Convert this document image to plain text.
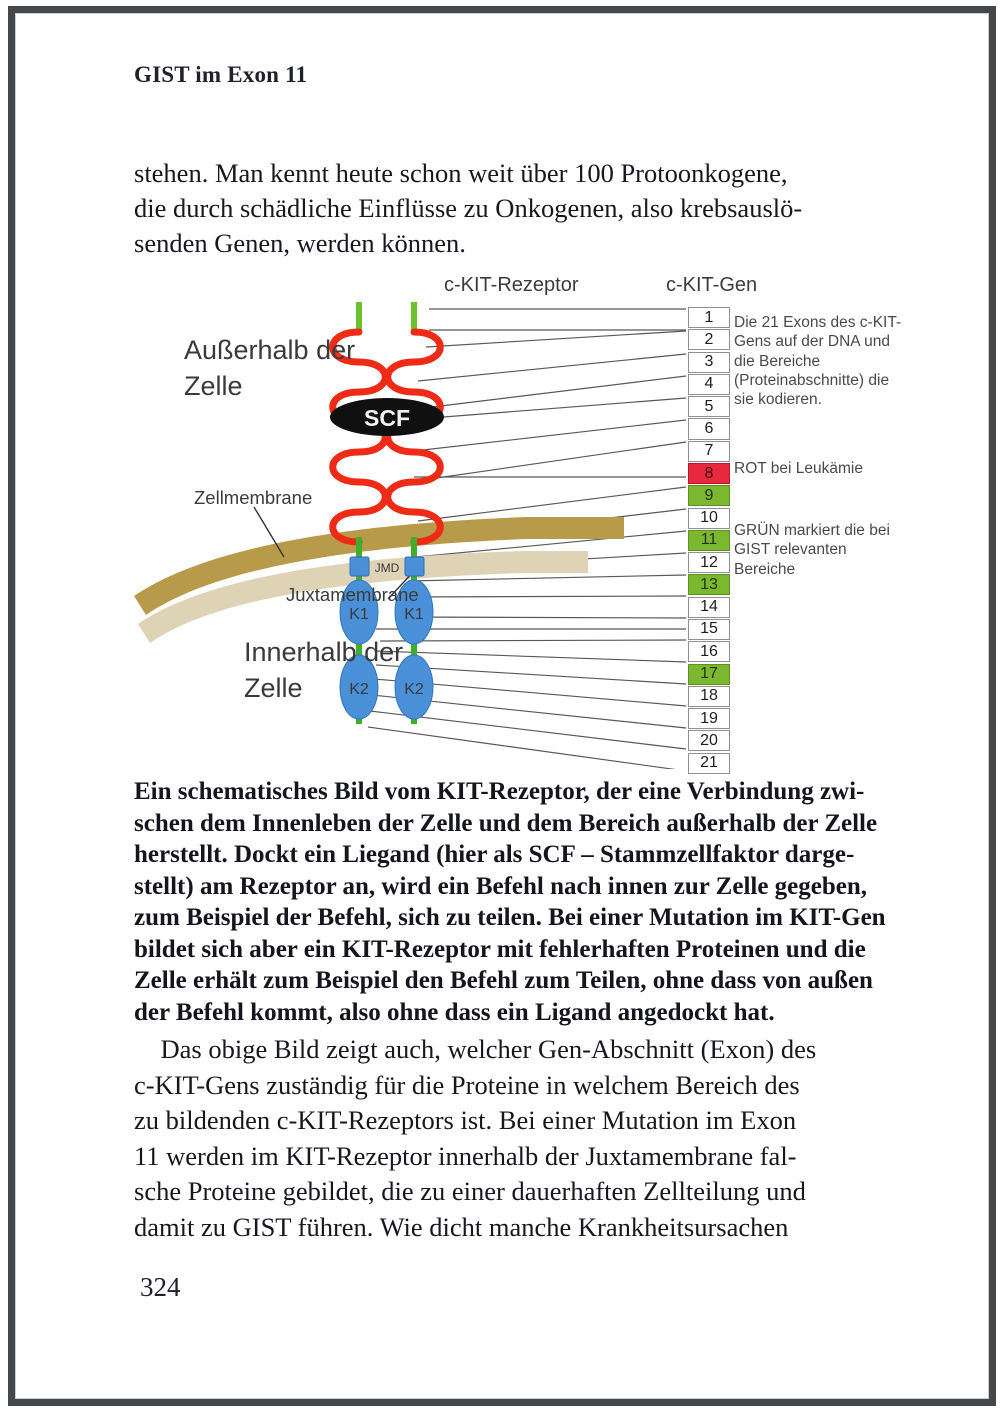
GIST im Exon 11
stehen. Man kennt heute schon weit über 100 Protoonkogene,
die durch schädliche Einflüsse zu Onkogenen, also krebsauslö-
senden Genen, werden können.
c-KIT-Rezeptor	c-KIT-Gen
Außerhalb der Zelle
Innerhalb der Zelle
Zellmembrane
Juxtamembrane
K1
K2
K1
K2
JMD
SCF
1
2
3
4
5
6
7
8
9
10
11
12
13
14
15
16
17
18
19
20
21
Die 21 Exons des c-KIT-Gens auf der DNA und die Bereiche (Proteinabschnitte) die sie kodieren.
ROT bei Leukämie
GRÜN markiert die bei GIST relevanten Bereiche
Ein schematisches Bild vom KIT-Rezeptor, der eine Verbindung zwi-
schen dem Innenleben der Zelle und dem Bereich außerhalb der Zelle
herstellt. Dockt ein Liegand (hier als SCF – Stammzellfaktor darge-
stellt) am Rezeptor an, wird ein Befehl nach innen zur Zelle gegeben,
zum Beispiel der Befehl, sich zu teilen. Bei einer Mutation im KIT-Gen
bildet sich aber ein KIT-Rezeptor mit fehlerhaften Proteinen und die
Zelle erhält zum Beispiel den Befehl zum Teilen, ohne dass von außen
der Befehl kommt, also ohne dass ein Ligand angedockt hat.
Das obige Bild zeigt auch, welcher Gen-Abschnitt (Exon) des
c-KIT-Gens zuständig für die Proteine in welchem Bereich des
zu bildenden c-KIT-Rezeptors ist. Bei einer Mutation im Exon
11 werden im KIT-Rezeptor innerhalb der Juxtamembrane fal-
sche Proteine gebildet, die zu einer dauerhaften Zellteilung und
damit zu GIST führen. Wie dicht manche Krankheitsursachen
324
